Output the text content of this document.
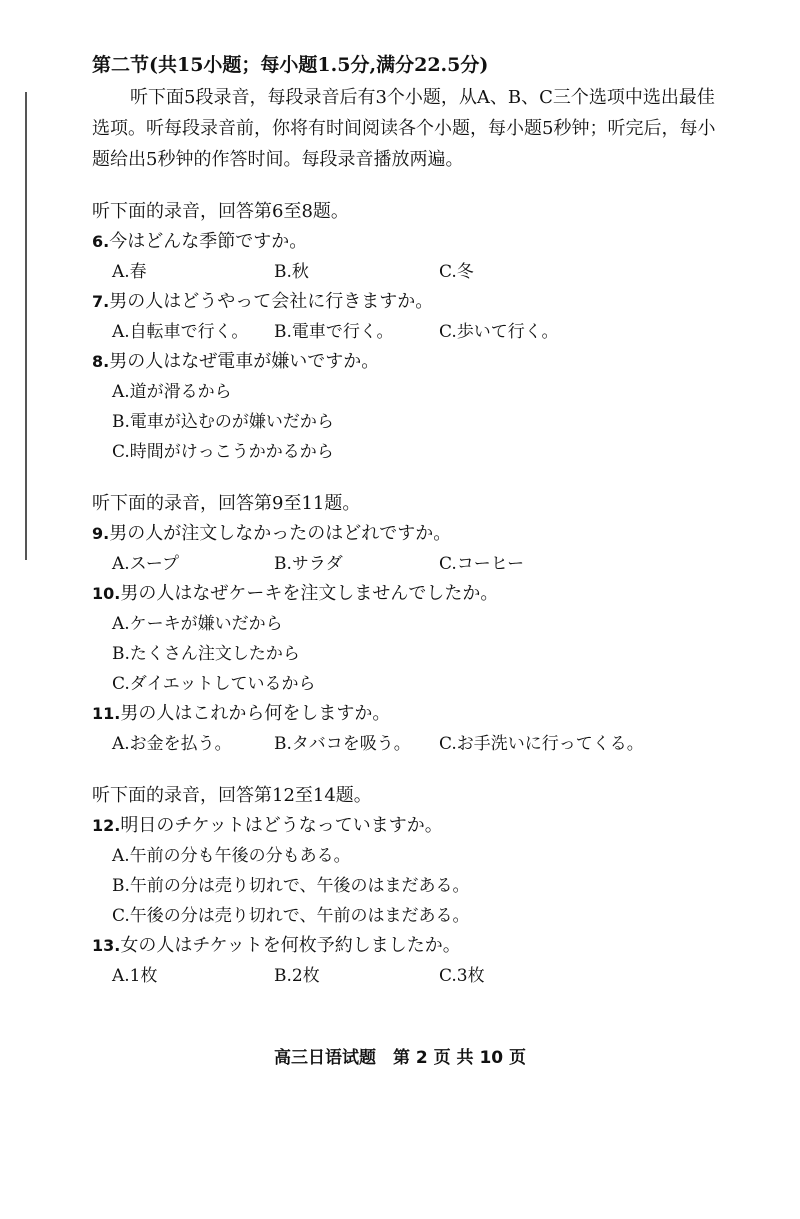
第二节(共15小题；每小题1.5分,满分22.5分)

听下面5段录音，每段录音后有3个小题，从A、B、C三个选项中选出最佳选项。听每段录音前，你将有时间阅读各个小题，每小题5秒钟；听完后，每小题给出5秒钟的作答时间。每段录音播放两遍。

听下面的录音，回答第6至8题。

6.今はどんな季節ですか。

A.春	B.秋	C.冬

7.男の人はどうやって会社に行きますか。

A.自転車で行く。	B.電車で行く。	C.歩いて行く。

8.男の人はなぜ電車が嫌いですか。

A.道が滑るから
B.電車が込むのが嫌いだから
C.時間がけっこうかかるから

听下面的录音，回答第9至11题。

9.男の人が注文しなかったのはどれですか。

A.スープ	B.サラダ	C.コーヒー

10.男の人はなぜケーキを注文しませんでしたか。

A.ケーキが嫌いだから
B.たくさん注文したから
C.ダイエットしているから

11.男の人はこれから何をしますか。

A.お金を払う。	B.タバコを吸う。	C.お手洗いに行ってくる。

听下面的录音，回答第12至14题。

12.明日のチケットはどうなっていますか。

A.午前の分も午後の分もある。
B.午前の分は売り切れで、午後のはまだある。
C.午後の分は売り切れで、午前のはまだある。

13.女の人はチケットを何枚予約しましたか。

A.1枚	B.2枚	C.3枚
高三日语试题　第 2 页 共 10 页
